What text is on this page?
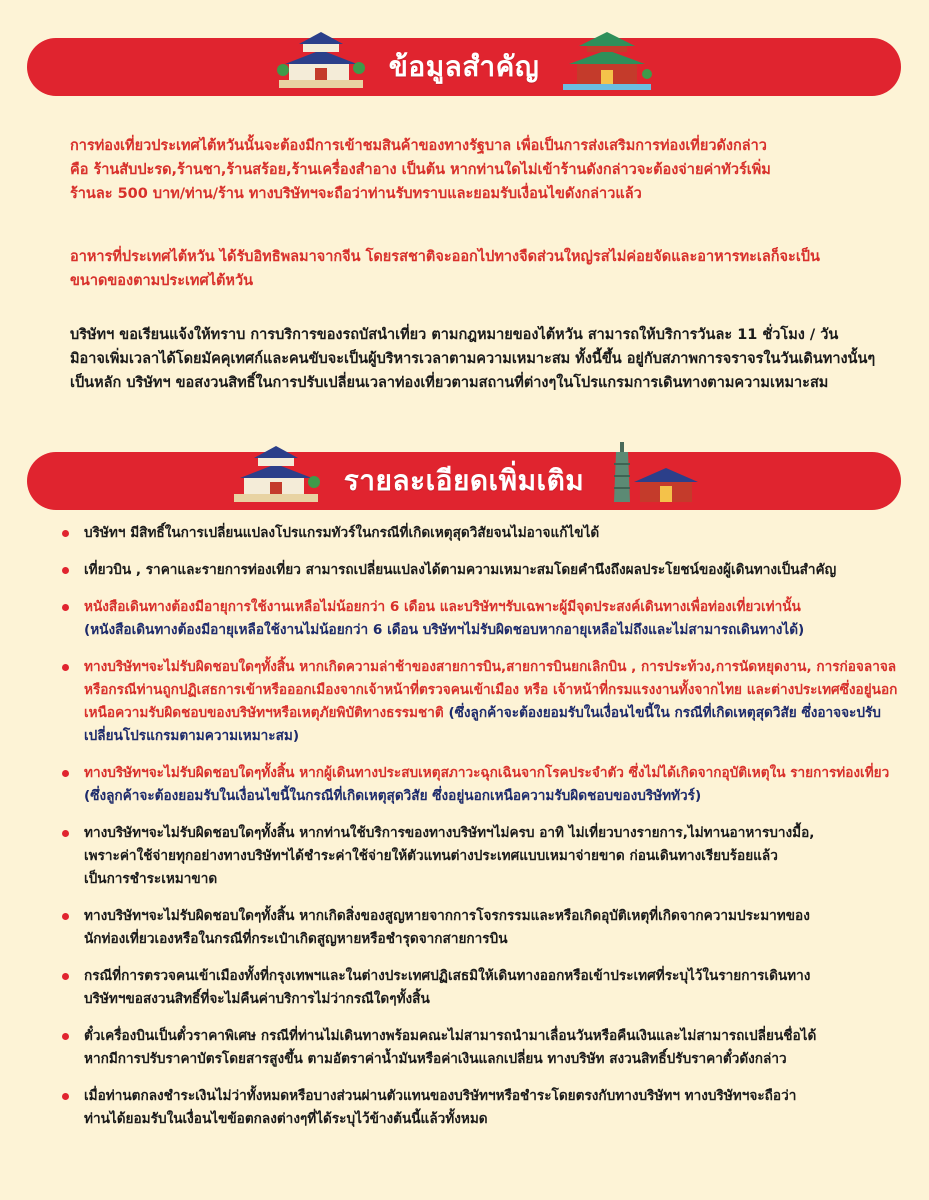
ข้อมูลสำคัญ

การท่องเที่ยวประเทศไต้หวันนั้นจะต้องมีการเข้าชมสินค้าของทางรัฐบาล เพื่อเป็นการส่งเสริมการท่องเที่ยวดังกล่าว
คือ ร้านสับปะรด,ร้านชา,ร้านสร้อย,ร้านเครื่องสำอาง เป็นต้น หากท่านใดไม่เข้าร้านดังกล่าวจะต้องจ่ายค่าทัวร์เพิ่ม
ร้านละ 500 บาท/ท่าน/ร้าน ทางบริษัทฯจะถือว่าท่านรับทราบและยอมรับเงื่อนไขดังกล่าวแล้ว

อาหารที่ประเทศไต้หวัน ได้รับอิทธิพลมาจากจีน โดยรสชาติจะออกไปทางจืดส่วนใหญ่รสไม่ค่อยจัดและอาหารทะเลก็จะเป็น
ขนาดของตามประเทศไต้หวัน

บริษัทฯ ขอเรียนแจ้งให้ทราบ การบริการของรถบัสนำเที่ยว ตามกฎหมายของไต้หวัน สามารถให้บริการวันละ 11 ชั่วโมง / วัน
มิอาจเพิ่มเวลาได้โดยมัคคุเทศก์และคนขับจะเป็นผู้บริหารเวลาตามความเหมาะสม ทั้งนี้ขึ้น อยู่กับสภาพการจราจรในวันเดินทางนั้นๆ
เป็นหลัก บริษัทฯ ขอสงวนสิทธิ์ในการปรับเปลี่ยนเวลาท่องเที่ยวตามสถานที่ต่างๆในโปรแกรมการเดินทางตามความเหมาะสม

รายละเอียดเพิ่มเติม
บริษัทฯ มีสิทธิ์ในการเปลี่ยนแปลงโปรแกรมทัวร์ในกรณีที่เกิดเหตุสุดวิสัยจนไม่อาจแก้ไขได้
เที่ยวบิน , ราคาและรายการท่องเที่ยว สามารถเปลี่ยนแปลงได้ตามความเหมาะสมโดยคำนึงถึงผลประโยชน์ของผู้เดินทางเป็นสำคัญ
หนังสือเดินทางต้องมีอายุการใช้งานเหลือไม่น้อยกว่า 6 เดือน และบริษัทฯรับเฉพาะผู้มีจุดประสงค์เดินทางเพื่อท่องเที่ยวเท่านั้น
(หนังสือเดินทางต้องมีอายุเหลือใช้งานไม่น้อยกว่า 6 เดือน บริษัทฯไม่รับผิดชอบหากอายุเหลือไม่ถึงและไม่สามารถเดินทางได้)
ทางบริษัทฯจะไม่รับผิดชอบใดๆทั้งสิ้น หากเกิดความล่าช้าของสายการบิน,สายการบินยกเลิกบิน , การประท้วง,การนัดหยุดงาน, การก่อจลาจลหรือกรณีท่านถูกปฏิเสธการเข้าหรือออกเมืองจากเจ้าหน้าที่ตรวจคนเข้าเมือง หรือ เจ้าหน้าที่กรมแรงงานทั้งจากไทย และต่างประเทศซึ่งอยู่นอกเหนือความรับผิดชอบของบริษัทฯหรือเหตุภัยพิบัติทางธรรมชาติ (ซึ่งลูกค้าจะต้องยอมรับในเงื่อนไขนี้ใน กรณีที่เกิดเหตุสุดวิสัย ซึ่งอาจจะปรับเปลี่ยนโปรแกรมตามความเหมาะสม)
ทางบริษัทฯจะไม่รับผิดชอบใดๆทั้งสิ้น หากผู้เดินทางประสบเหตุสภาวะฉุกเฉินจากโรคประจำตัว ซึ่งไม่ได้เกิดจากอุบัติเหตุใน รายการท่องเที่ยว (ซึ่งลูกค้าจะต้องยอมรับในเงื่อนไขนี้ในกรณีที่เกิดเหตุสุดวิสัย ซึ่งอยู่นอกเหนือความรับผิดชอบของบริษัททัวร์)
ทางบริษัทฯจะไม่รับผิดชอบใดๆทั้งสิ้น หากท่านใช้บริการของทางบริษัทฯไม่ครบ อาทิ ไม่เที่ยวบางรายการ,ไม่ทานอาหารบางมื้อ,
เพราะค่าใช้จ่ายทุกอย่างทางบริษัทฯได้ชำระค่าใช้จ่ายให้ตัวแทนต่างประเทศแบบเหมาจ่ายขาด ก่อนเดินทางเรียบร้อยแล้ว
เป็นการชำระเหมาขาด
ทางบริษัทฯจะไม่รับผิดชอบใดๆทั้งสิ้น หากเกิดสิ่งของสูญหายจากการโจรกรรมและหรือเกิดอุบัติเหตุที่เกิดจากความประมาทของ
นักท่องเที่ยวเองหรือในกรณีที่กระเป๋าเกิดสูญหายหรือชำรุดจากสายการบิน
กรณีที่การตรวจคนเข้าเมืองทั้งที่กรุงเทพฯและในต่างประเทศปฏิเสธมิให้เดินทางออกหรือเข้าประเทศที่ระบุไว้ในรายการเดินทาง
บริษัทฯขอสงวนสิทธิ์ที่จะไม่คืนค่าบริการไม่ว่ากรณีใดๆทั้งสิ้น
ตั๋วเครื่องบินเป็นตั๋วราคาพิเศษ กรณีที่ท่านไม่เดินทางพร้อมคณะไม่สามารถนำมาเลื่อนวันหรือคืนเงินและไม่สามารถเปลี่ยนชื่อได้
หากมีการปรับราคาบัตรโดยสารสูงขึ้น ตามอัตราค่าน้ำมันหรือค่าเงินแลกเปลี่ยน ทางบริษัท สงวนสิทธิ์ปรับราคาตั๋วดังกล่าว
เมื่อท่านตกลงชำระเงินไม่ว่าทั้งหมดหรือบางส่วนผ่านตัวแทนของบริษัทฯหรือชำระโดยตรงกับทางบริษัทฯ ทางบริษัทฯจะถือว่า
ท่านได้ยอมรับในเงื่อนไขข้อตกลงต่างๆที่ได้ระบุไว้ข้างต้นนี้แล้วทั้งหมด
